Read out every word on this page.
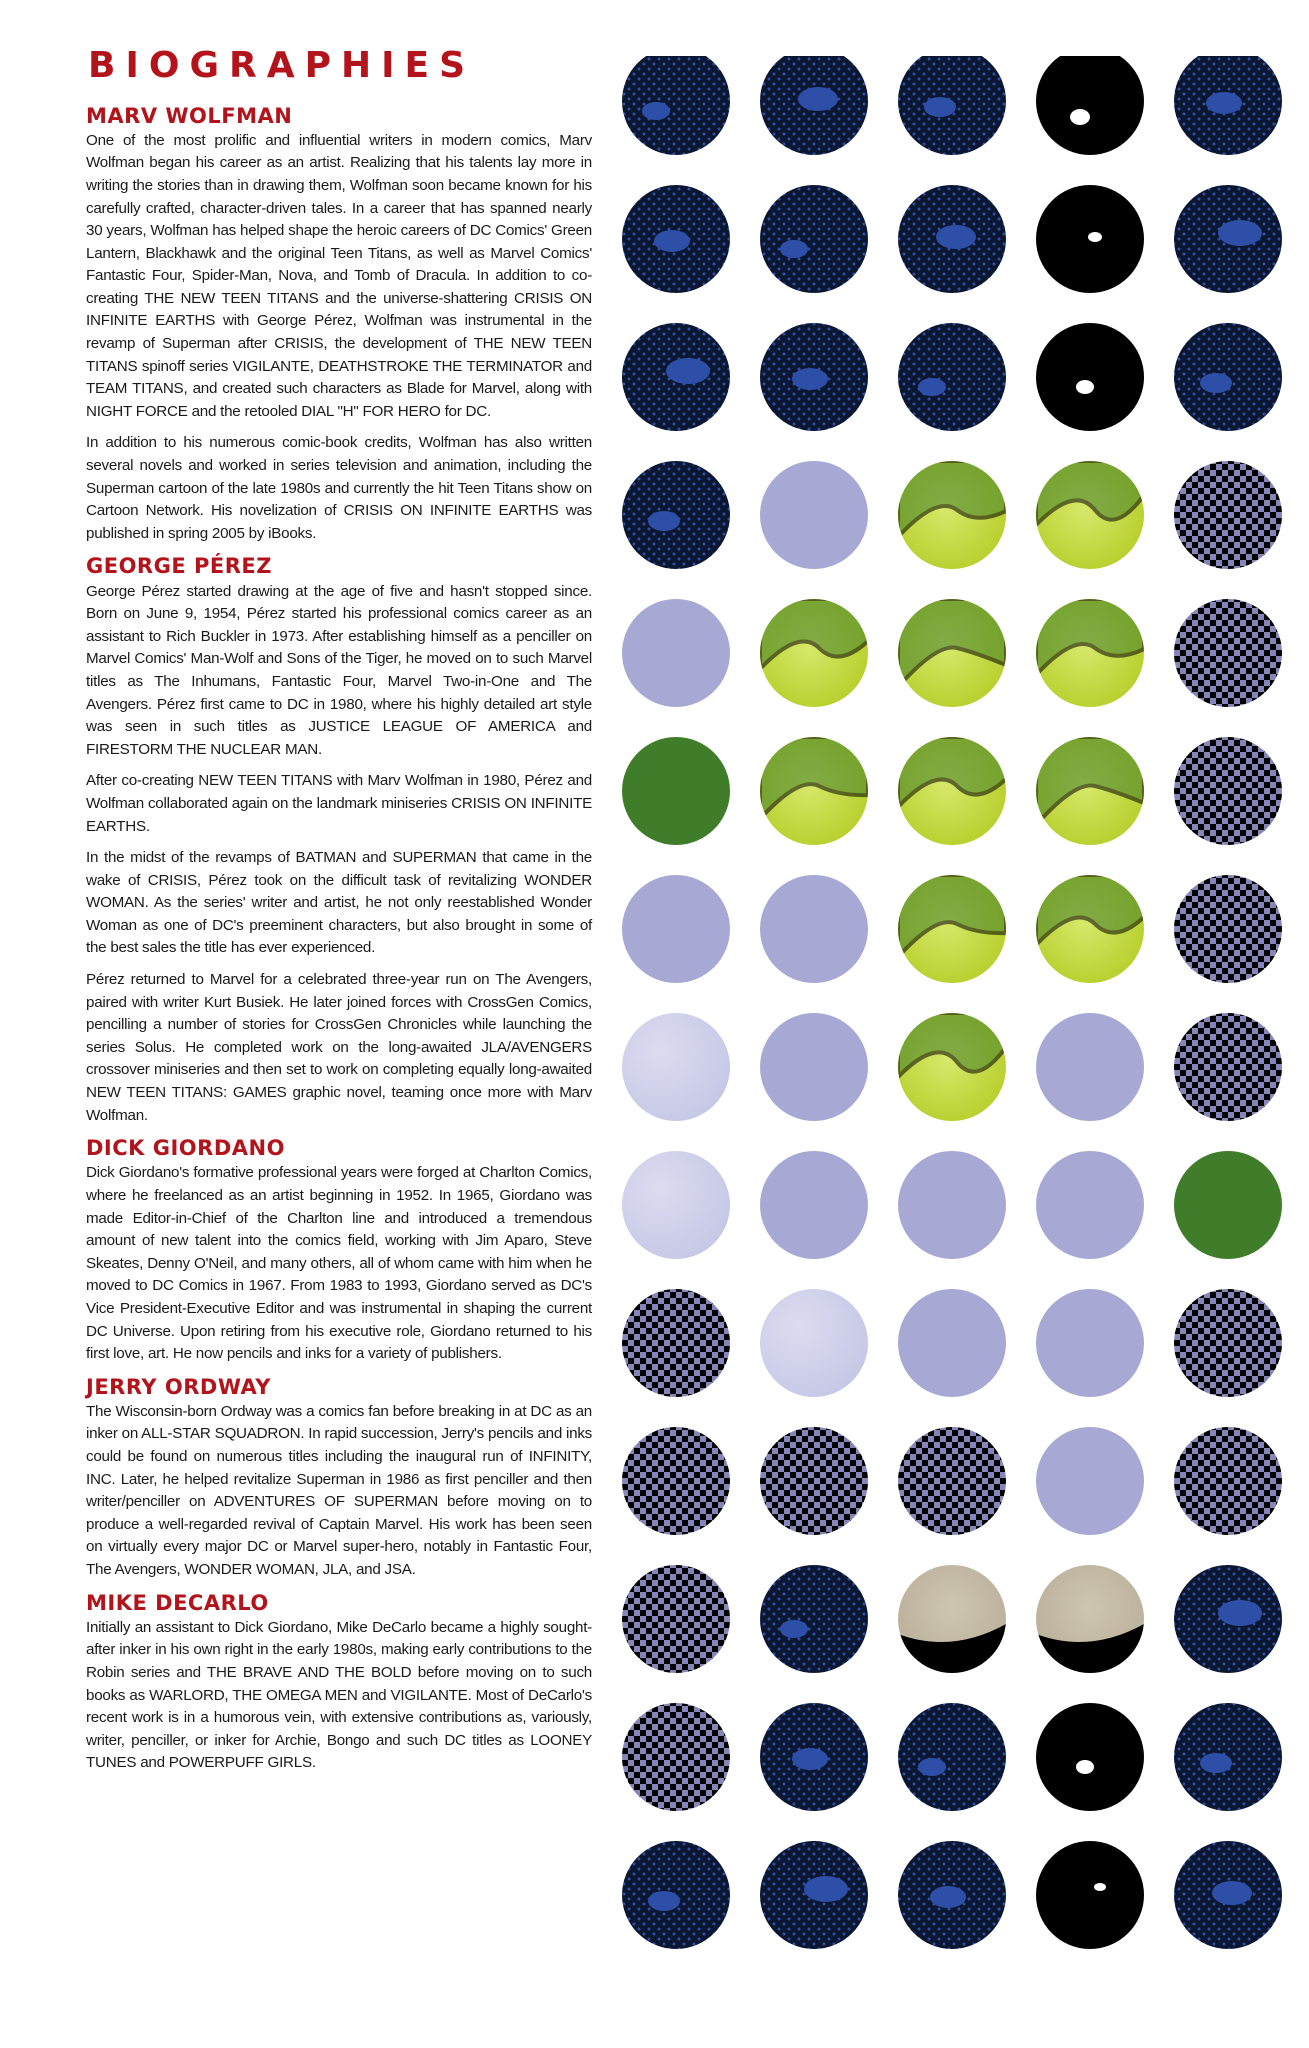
BIOGRAPHIES
MARV WOLFMAN

One of the most prolific and influential writers in modern comics, Marv Wolfman began his career as an artist. Realizing that his talents lay more in writing the stories than in drawing them, Wolfman soon became known for his carefully crafted, character-driven tales. In a career that has spanned nearly 30 years, Wolfman has helped shape the heroic careers of DC Comics' Green Lantern, Blackhawk and the original Teen Titans, as well as Marvel Comics' Fantastic Four, Spider-Man, Nova, and Tomb of Dracula. In addition to co-creating THE NEW TEEN TITANS and the universe-shattering CRISIS ON INFINITE EARTHS with George Pérez, Wolfman was instrumental in the revamp of Superman after CRISIS, the development of THE NEW TEEN TITANS spinoff series VIGILANTE, DEATHSTROKE THE TERMINATOR and TEAM TITANS, and created such characters as Blade for Marvel, along with NIGHT FORCE and the retooled DIAL "H" FOR HERO for DC.

In addition to his numerous comic-book credits, Wolfman has also written several novels and worked in series television and animation, including the Superman cartoon of the late 1980s and currently the hit Teen Titans show on Cartoon Network. His novelization of CRISIS ON INFINITE EARTHS was published in spring 2005 by iBooks.

GEORGE PÉREZ

George Pérez started drawing at the age of five and hasn't stopped since. Born on June 9, 1954, Pérez started his professional comics career as an assistant to Rich Buckler in 1973. After establishing himself as a penciller on Marvel Comics' Man-Wolf and Sons of the Tiger, he moved on to such Marvel titles as The Inhumans, Fantastic Four, Marvel Two-in-One and The Avengers. Pérez first came to DC in 1980, where his highly detailed art style was seen in such titles as JUSTICE LEAGUE OF AMERICA and FIRESTORM THE NUCLEAR MAN.

After co-creating NEW TEEN TITANS with Marv Wolfman in 1980, Pérez and Wolfman collaborated again on the landmark miniseries CRISIS ON INFINITE EARTHS.

In the midst of the revamps of BATMAN and SUPERMAN that came in the wake of CRISIS, Pérez took on the difficult task of revitalizing WONDER WOMAN. As the series' writer and artist, he not only reestablished Wonder Woman as one of DC's preeminent characters, but also brought in some of the best sales the title has ever experienced.

Pérez returned to Marvel for a celebrated three-year run on The Avengers, paired with writer Kurt Busiek. He later joined forces with CrossGen Comics, pencilling a number of stories for CrossGen Chronicles while launching the series Solus. He completed work on the long-awaited JLA/AVENGERS crossover miniseries and then set to work on completing equally long-awaited NEW TEEN TITANS: GAMES graphic novel, teaming once more with Marv Wolfman.

DICK GIORDANO

Dick Giordano's formative professional years were forged at Charlton Comics, where he freelanced as an artist beginning in 1952. In 1965, Giordano was made Editor-in-Chief of the Charlton line and introduced a tremendous amount of new talent into the comics field, working with Jim Aparo, Steve Skeates, Denny O'Neil, and many others, all of whom came with him when he moved to DC Comics in 1967. From 1983 to 1993, Giordano served as DC's Vice President-Executive Editor and was instrumental in shaping the current DC Universe. Upon retiring from his executive role, Giordano returned to his first love, art. He now pencils and inks for a variety of publishers.

JERRY ORDWAY

The Wisconsin-born Ordway was a comics fan before breaking in at DC as an inker on ALL-STAR SQUADRON. In rapid succession, Jerry's pencils and inks could be found on numerous titles including the inaugural run of INFINITY, INC. Later, he helped revitalize Superman in 1986 as first penciller and then writer/penciller on ADVENTURES OF SUPERMAN before moving on to produce a well-regarded revival of Captain Marvel. His work has been seen on virtually every major DC or Marvel super-hero, notably in Fantastic Four, The Avengers, WONDER WOMAN, JLA, and JSA.

MIKE DECARLO

Initially an assistant to Dick Giordano, Mike DeCarlo became a highly sought-after inker in his own right in the early 1980s, making early contributions to the Robin series and THE BRAVE AND THE BOLD before moving on to such books as WARLORD, THE OMEGA MEN and VIGILANTE. Most of DeCarlo's recent work is in a humorous vein, with extensive contributions as, variously, writer, penciller, or inker for Archie, Bongo and such DC titles as LOONEY TUNES and POWERPUFF GIRLS.
